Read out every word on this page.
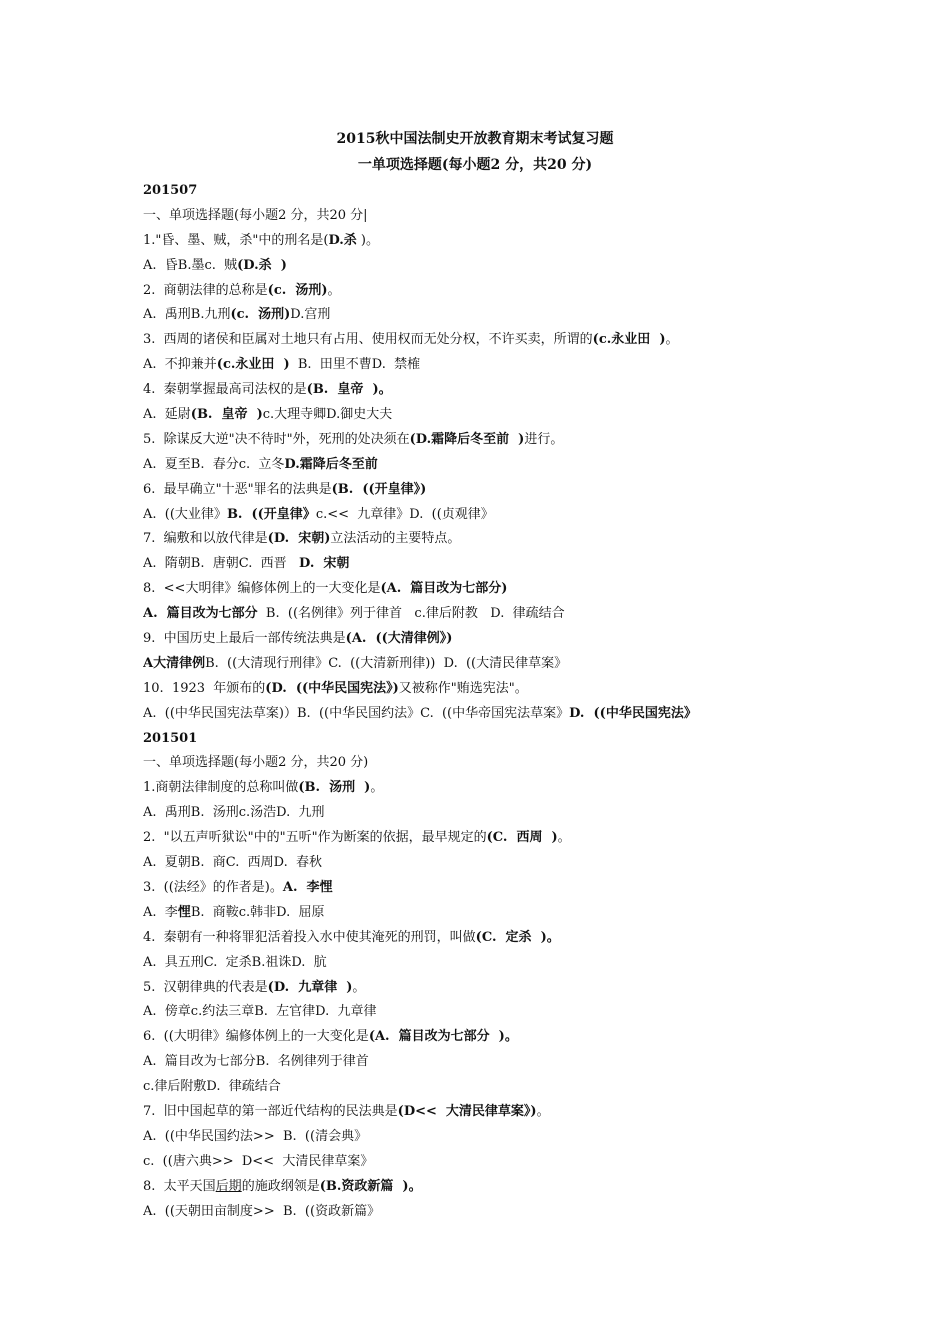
2015秋中国法制史开放教育期末考试复习题
一单项选择题(每小题2 分，共20 分)
201507
一、单项选择题(每小题2 分，共20 分|
1."昏、墨、贼，杀"中的刑名是(D.杀 )。
A.  昏B.墨c.  贼(D.杀  )
2.  商朝法律的总称是(c.  汤刑)。
A.  禹刑B.九刑(c.  汤刑)D.宫刑
3.  西周的诸侯和臣属对土地只有占用、使用权而无处分权，不许买卖，所谓的(c.永业田  )。
A.  不抑兼并(c.永业田  )  B.  田里不曹D.  禁榷
4.  秦朝掌握最高司法权的是(B.  皇帝  )。
A.  延尉(B.  皇帝  )c.大理寺卿D.御史大夫
5.  除谋反大逆"决不待时"外，死刑的处决须在(D.霜降后冬至前  )进行。
A.  夏至B.  春分c.  立冬D.霜降后冬至前
6.  最早确立"十恶"罪名的法典是(B.  ((开皇律》)
A.  ((大业律》B.  ((开皇律》c.<<  九章律》D.  ((贞观律》
7.  编敷和以放代律是(D.  宋朝)立法活动的主要特点。
A.  隋朝B.  唐朝C.  西晋   D.  宋朝
8.  <<大明律》编修体例上的一大变化是(A.  篇目改为七部分)
A.  篇目改为七部分  B.  ((名例律》列于律首   c.律后附教   D.  律疏结合
9.  中国历史上最后一部传统法典是(A.  ((大清律例》)
A大清律例B.  ((大清现行刑律》C.  ((大清新刑律))  D.  ((大清民律草案》
10.  1923  年颁布的(D.  ((中华民国宪法》)又被称作"贿选宪法"。
A.  ((中华民国宪法草案)）B.  ((中华民国约法》C.  ((中华帝国宪法草案》D.  ((中华民国宪法》
201501
一、单项选择题(每小题2 分，共20 分)
1.商朝法律制度的总称叫做(B.  汤刑  )。
A.  禹刑B.  汤刑c.汤浩D.  九刑
2.  "以五声听狱讼"中的"五听"作为断案的依据，最早规定的(C.  西周  )。
A.  夏朝B.  商C.  西周D.  春秋
3.  ((法经》的作者是)。A.  李悝
A.  李悝B.  商鞍c.韩非D.  屈原
4.  秦朝有一种将罪犯活着投入水中使其淹死的刑罚，叫做(C.  定杀  )。
A.  具五刑C.  定杀B.祖诛D.  肮
5.  汉朝律典的代表是(D.  九章律  )。
A.  傍章c.约法三章B.  左官律D.  九章律
6.  ((大明律》编修体例上的一大变化是(A.  篇目改为七部分  )。
A.  篇目改为七部分B.  名例律列于律首
c.律后附敷D.  律疏结合
7.  旧中国起草的第一部近代结构的民法典是(D<<  大清民律草案》)。
A.  ((中华民国约法>>  B.  ((清会典》
c.  ((唐六典>>  D<<  大清民律草案》
8.  太平天国后期的施政纲领是(B.资政新篇  )。
A.  ((天朝田亩制度>>  B.  ((资政新篇》
